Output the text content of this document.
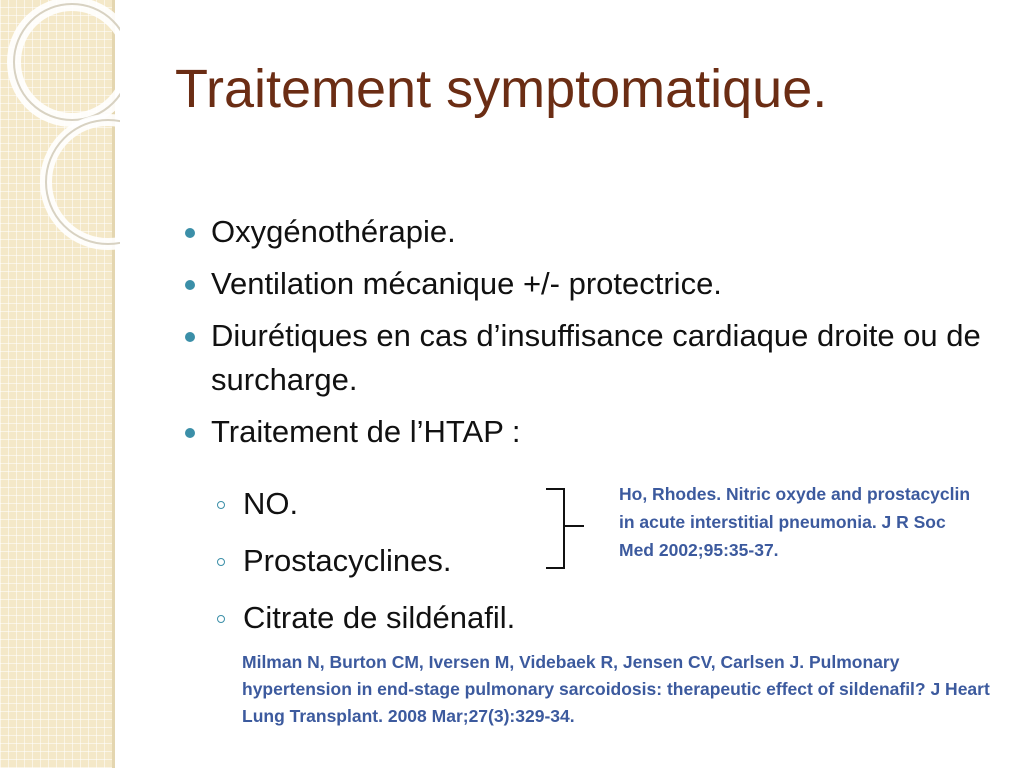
Traitement symptomatique.
Oxygénothérapie.
Ventilation mécanique +/- protectrice.
Diurétiques en cas d’insuffisance cardiaque droite ou de surcharge.
Traitement de l’HTAP :
NO.
Prostacyclines.
Citrate de sildénafil.
Ho, Rhodes. Nitric oxyde and prostacyclin in acute interstitial pneumonia. J R Soc Med 2002;95:35-37.
Milman N, Burton CM, Iversen M, Videbaek R, Jensen CV, Carlsen J. Pulmonary hypertension in end-stage pulmonary sarcoidosis: therapeutic effect of sildenafil? J Heart Lung Transplant. 2008 Mar;27(3):329-34.
